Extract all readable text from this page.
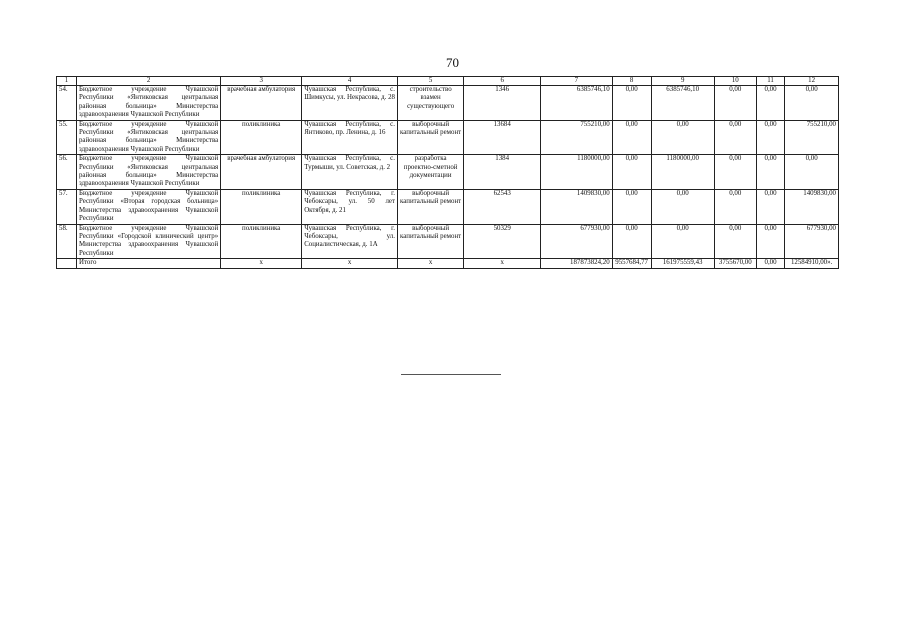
70
1	2	3	4	5	6	7	8	9	10	11	12
54.	Бюджетное учреждение Чувашской Республики «Янтиковская центральная районная больница» Министерства здравоохранения Чувашской Республики	врачебная амбулатория	Чувашская Республика, с. Шимкусы, ул. Некрасова, д. 28	строительство взамен существующего	1346	6385746,10	0,00	6385746,10	0,00	0,00	0,00
55.	Бюджетное учреждение Чувашской Республики «Янтиковская центральная районная больница» Министерства здравоохранения Чувашской Республики	поликлиника	Чувашская Республика, с. Янтиково, пр. Ленина, д. 16	выборочный капитальный ремонт	13684	755210,00	0,00	0,00	0,00	0,00	755210,00
56.	Бюджетное учреждение Чувашской Республики «Янтиковская центральная районная больница» Министерства здравоохранения Чувашской Республики	врачебная амбулатория	Чувашская Республика, с. Турмыши, ул. Советская, д. 2	разработка проектно-сметной документации	1384	1180000,00	0,00	1180000,00	0,00	0,00	0,00
57.	Бюджетное учреждение Чувашской Республики «Вторая городская больница» Министерства здравоохранения Чувашской Республики	поликлиника	Чувашская Республика, г. Чебоксары, ул. 50 лет Октября, д. 21	выборочный капитальный ремонт	62543	1409830,00	0,00	0,00	0,00	0,00	1409830,00
58.	Бюджетное учреждение Чувашской Республики «Городской клинический центр» Министерства здравоохранения Чувашской Республики	поликлиника	Чувашская Республика, г. Чебоксары, ул. Социалистическая, д. 1А	выборочный капитальный ремонт	50329	677930,00	0,00	0,00	0,00	0,00	677930,00
	Итого	х	х	х	х	187873824,20	9557684,77	161975559,43	3755670,00	0,00	12584910,00».
